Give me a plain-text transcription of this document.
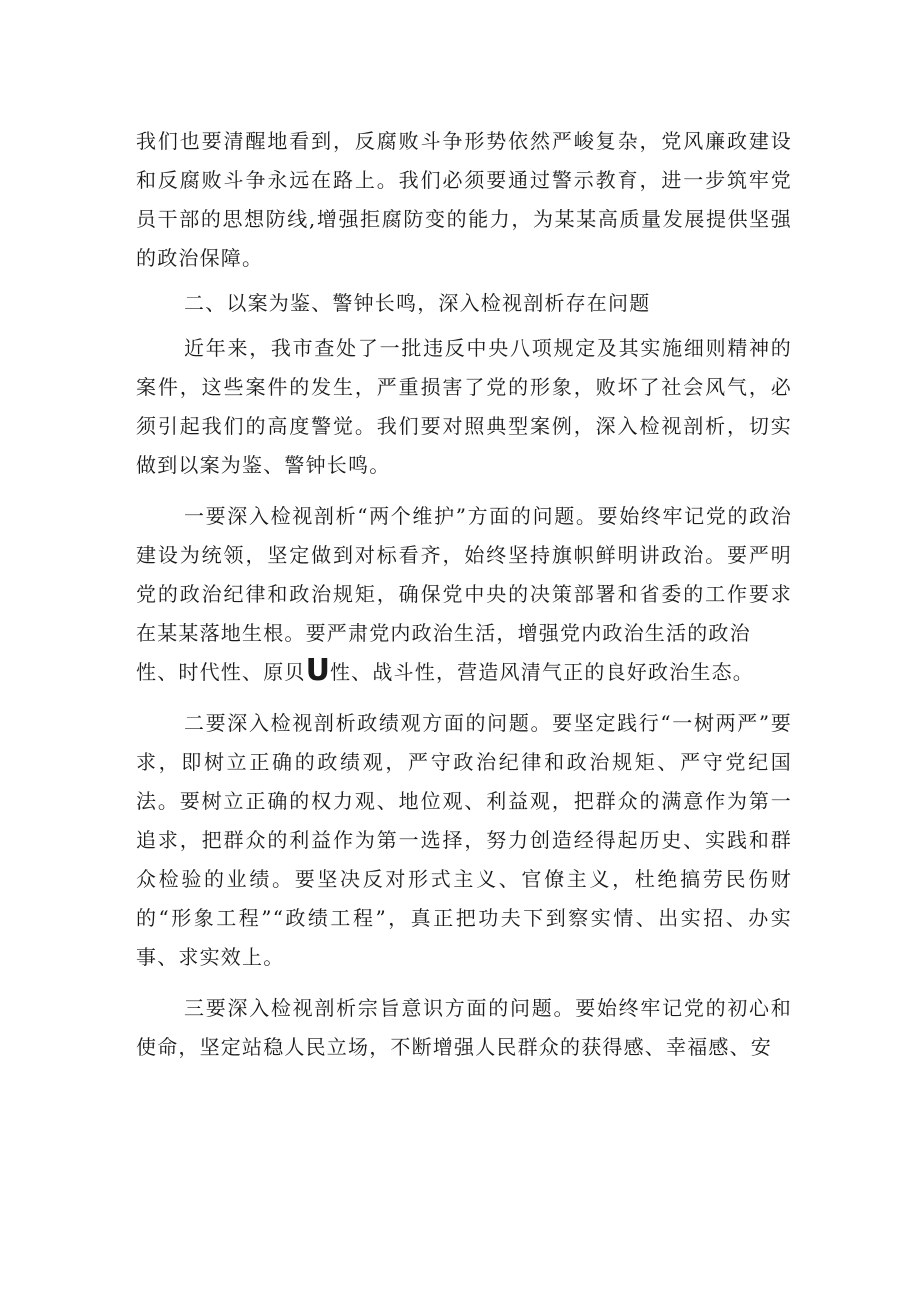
我们也要清醒地看到，反腐败斗争形势依然严峻复杂，党风廉政建设和反腐败斗争永远在路上。我们必须要通过警示教育，进一步筑牢党员干部的思想防线,增强拒腐防变的能力，为某某高质量发展提供坚强的政治保障。

二、以案为鉴、警钟长鸣，深入检视剖析存在问题

近年来，我市查处了一批违反中央八项规定及其实施细则精神的案件，这些案件的发生，严重损害了党的形象，败坏了社会风气，必须引起我们的高度警觉。我们要对照典型案例，深入检视剖析，切实做到以案为鉴、警钟长鸣。

一要深入检视剖析“两个维护”方面的问题。要始终牢记党的政治建设为统领，坚定做到对标看齐，始终坚持旗帜鲜明讲政治。要严明党的政治纪律和政治规矩，确保党中央的决策部署和省委的工作要求在某某落地生根。要严肃党内政治生活，增强党内政治生活的政治

性、时代性、原贝U性、战斗性，营造风清气正的良好政治生态。

二要深入检视剖析政绩观方面的问题。要坚定践行“一树两严”要求，即树立正确的政绩观，严守政治纪律和政治规矩、严守党纪国法。要树立正确的权力观、地位观、利益观，把群众的满意作为第一追求，把群众的利益作为第一选择，努力创造经得起历史、实践和群众检验的业绩。要坚决反对形式主义、官僚主义，杜绝搞劳民伤财的“形象工程”“政绩工程”，真正把功夫下到察实情、出实招、办实事、求实效上。

三要深入检视剖析宗旨意识方面的问题。要始终牢记党的初心和使命，坚定站稳人民立场，不断增强人民群众的获得感、幸福感、安
